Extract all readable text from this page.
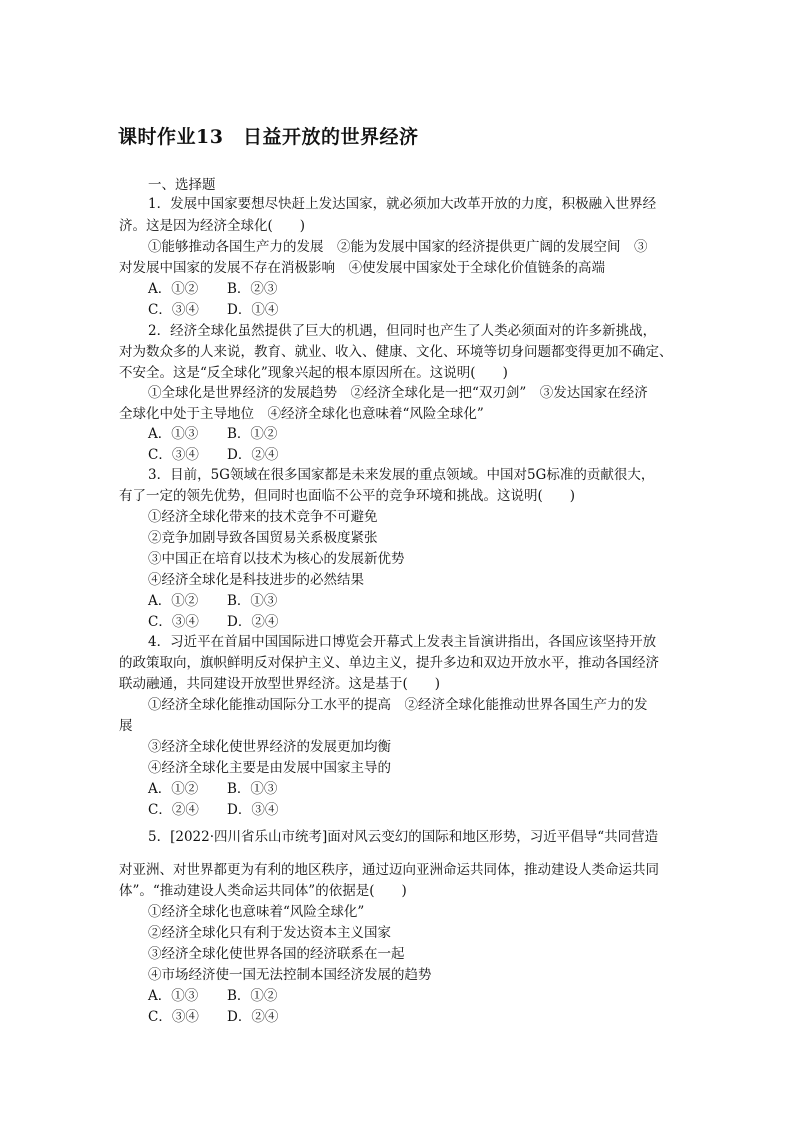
课时作业13　日益开放的世界经济
一、选择题
1．发展中国家要想尽快赶上发达国家，就必须加大改革开放的力度，积极融入世界经
济。这是因为经济全球化(　　)
①能够推动各国生产力的发展　②能为发展中国家的经济提供更广阔的发展空间　③
对发展中国家的发展不存在消极影响　④使发展中国家处于全球化价值链条的高端
A．①② B．②③
C．③④ D．①④
2．经济全球化虽然提供了巨大的机遇，但同时也产生了人类必须面对的许多新挑战，
对为数众多的人来说，教育、就业、收入、健康、文化、环境等切身问题都变得更加不确定、
不安全。这是“反全球化”现象兴起的根本原因所在。这说明(　　)
①全球化是世界经济的发展趋势　②经济全球化是一把“双刃剑”　③发达国家在经济
全球化中处于主导地位　④经济全球化也意味着“风险全球化”
A．①③ B．①②
C．③④ D．②④
3．目前，5G领域在很多国家都是未来发展的重点领域。中国对5G标准的贡献很大，
有了一定的领先优势，但同时也面临不公平的竞争环境和挑战。这说明(　　)
①经济全球化带来的技术竞争不可避免
②竞争加剧导致各国贸易关系极度紧张
③中国正在培育以技术为核心的发展新优势
④经济全球化是科技进步的必然结果
A．①② B．①③
C．③④ D．②④
4．习近平在首届中国国际进口博览会开幕式上发表主旨演讲指出，各国应该坚持开放
的政策取向，旗帜鲜明反对保护主义、单边主义，提升多边和双边开放水平，推动各国经济
联动融通，共同建设开放型世界经济。这是基于(　　)
①经济全球化能推动国际分工水平的提高　②经济全球化能推动世界各国生产力的发
展
③经济全球化使世界经济的发展更加均衡
④经济全球化主要是由发展中国家主导的
A．①② B．①③
C．②④ D．③④
5．[2022·四川省乐山市统考]面对风云变幻的国际和地区形势，习近平倡导“共同营造
对亚洲、对世界都更为有利的地区秩序，通过迈向亚洲命运共同体，推动建设人类命运共同
体”。“推动建设人类命运共同体”的依据是(　　)
①经济全球化也意味着“风险全球化”
②经济全球化只有利于发达资本主义国家
③经济全球化使世界各国的经济联系在一起
④市场经济使一国无法控制本国经济发展的趋势
A．①③ B．①②
C．③④ D．②④
